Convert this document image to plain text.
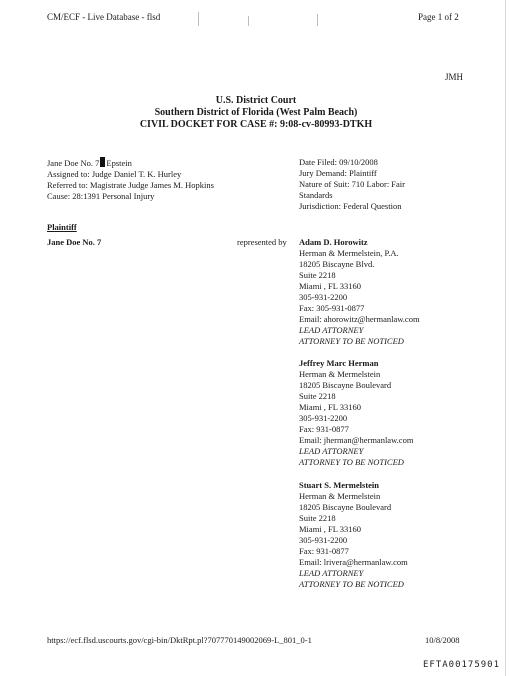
CM/ECF - Live Database - flsd	Page 1 of 2
JMH
U.S. District Court
Southern District of Florida (West Palm Beach)
CIVIL DOCKET FOR CASE #: 9:08-cv-80993-DTKH
Jane Doe No. 7 Epstein
Assigned to: Judge Daniel T. K. Hurley
Referred to: Magistrate Judge James M. Hopkins
Cause: 28:1391 Personal Injury
Date Filed: 09/10/2008
Jury Demand: Plaintiff
Nature of Suit: 710 Labor: Fair
Standards
Jurisdiction: Federal Question
Plaintiff
Jane Doe No. 7	represented by Adam D. Horowitz
Herman & Mermelstein, P.A.
18205 Biscayne Blvd.
Suite 2218
Miami , FL 33160
305-931-2200
Fax: 305-931-0877
Email: ahorowitz@hermanlaw.com
LEAD ATTORNEY
ATTORNEY TO BE NOTICED
Jeffrey Marc Herman
Herman & Mermelstein
18205 Biscayne Boulevard
Suite 2218
Miami , FL 33160
305-931-2200
Fax: 931-0877
Email: jherman@hermanlaw.com
LEAD ATTORNEY
ATTORNEY TO BE NOTICED
Stuart S. Mermelstein
Herman & Mermelstein
18205 Biscayne Boulevard
Suite 2218
Miami , FL 33160
305-931-2200
Fax: 931-0877
Email: lrivera@hermanlaw.com
LEAD ATTORNEY
ATTORNEY TO BE NOTICED
https://ecf.flsd.uscourts.gov/cgi-bin/DktRpt.pl?707770149002069-L_801_0-1	10/8/2008
EFTA00175901
